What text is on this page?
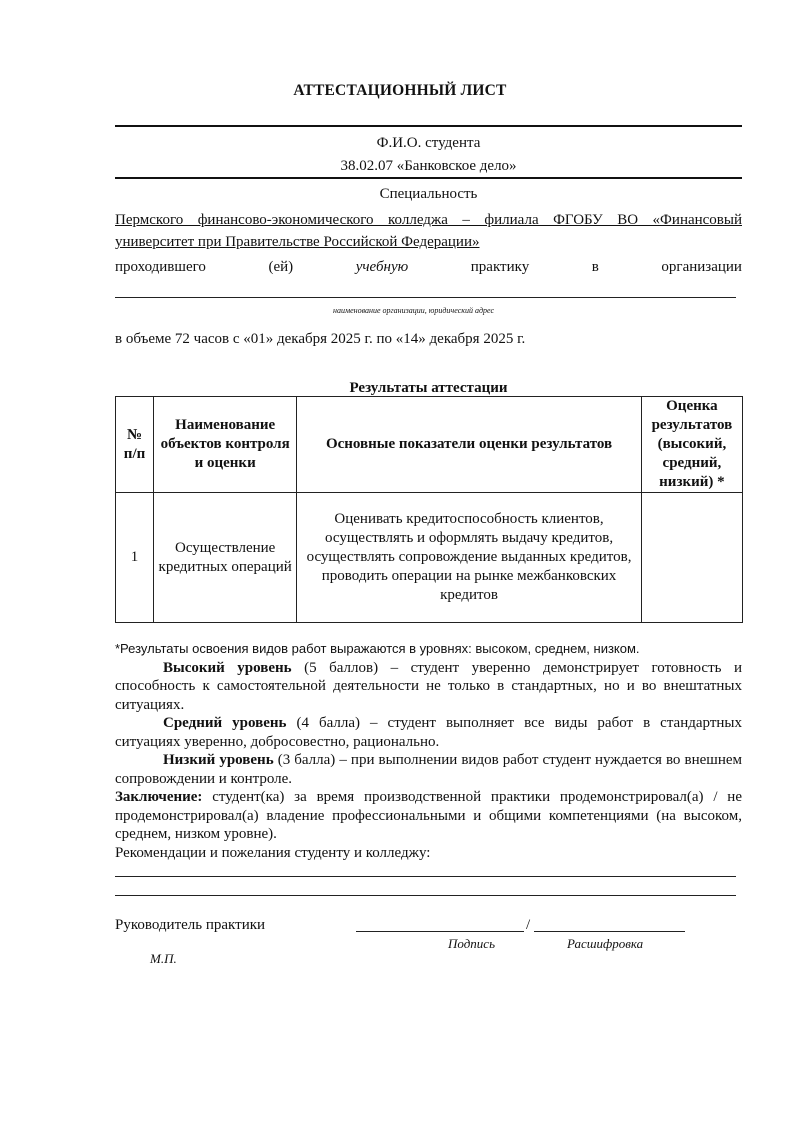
АТТЕСТАЦИОННЫЙ ЛИСТ
Ф.И.О. студента
38.02.07 «Банковское дело»
Специальность
Пермского финансово-экономического колледжа – филиала ФГОБУ ВО «Финансовый
университет при Правительстве Российской Федерации»
проходившего	(ей)	учебную	практику	в	организации
наименование организации, юридический адрес
в объеме 72 часов с «01» декабря 2025 г. по «14» декабря 2025 г.
Результаты аттестации
№ п/п	Наименование объектов контроля и оценки	Основные показатели оценки результатов	Оценка результатов (высокий, средний, низкий) *
1	Осуществление кредитных операций	Оценивать кредитоспособность клиентов, осуществлять и оформлять выдачу кредитов, осуществлять сопровождение выданных кредитов, проводить операции на рынке межбанковских кредитов	

*Результаты освоения видов работ выражаются в уровнях: высоком, среднем, низком.

Высокий уровень (5 баллов) – студент уверенно демонстрирует готовность и способность к самостоятельной деятельности не только в стандартных, но и во внештатных ситуациях.

Средний уровень (4 балла) – студент выполняет все виды работ в стандартных ситуациях уверенно, добросовестно, рационально.

Низкий уровень (3 балла) – при выполнении видов работ студент нуждается во внешнем сопровождении и контроле.

Заключение: студент(ка) за время производственной практики продемонстрировал(а) / не продемонстрировал(а) владение профессиональными и общими компетенциями (на высоком, среднем, низком уровне).

Рекомендации и пожелания студенту и колледжу:

Руководитель практики	/
Подпись	Расшифровка
М.П.
